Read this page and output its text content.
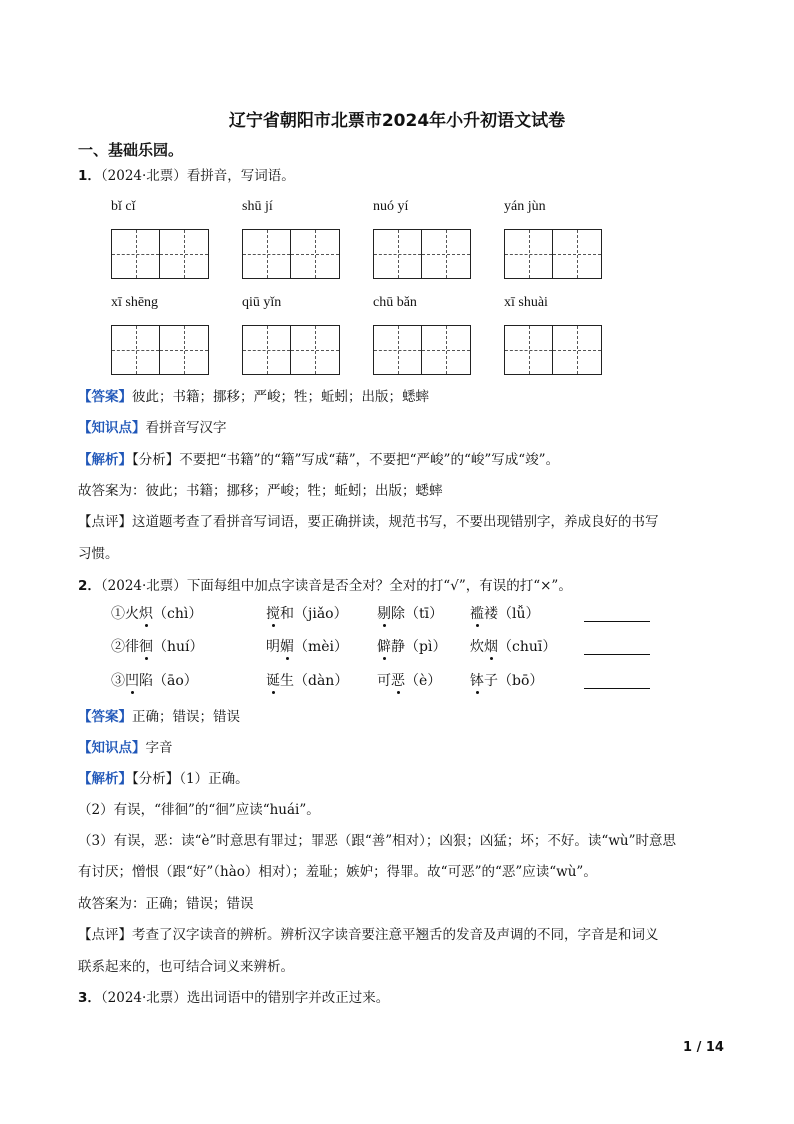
辽宁省朝阳市北票市2024年小升初语文试卷
一、基础乐园。
1．（2024·北票）看拼音，写词语。
bǐ cǐ	shū jí	nuó yí	yán jùn
xī shēng	qiū yǐn	chū bǎn	xī shuài
【答案】彼此；书籍；挪移；严峻；牲；蚯蚓；出版；蟋蟀
【知识点】看拼音写汉字
【解析】【分析】不要把“书籍”的“籍”写成“藉”，不要把“严峻”的“峻”写成“竣”。
故答案为：彼此；书籍；挪移；严峻；牲；蚯蚓；出版；蟋蟀
【点评】这道题考查了看拼音写词语，要正确拼读，规范书写，不要出现错别字，养成良好的书写
习惯。
2．（2024·北票）下面每组中加点字读音是否全对？全对的打“√”，有误的打“×”。
①火炽（chì）	搅和（jiǎo） 剔除（tī） 褴褛（lǚ）
②徘徊（huí）	明媚（mèi） 僻静（pì） 炊烟（chuī）
③凹陷（āo）	诞生（dàn） 可恶（è） 钵子（bō）
【答案】正确；错误；错误
【知识点】字音
【解析】【分析】（1）正确。
（2）有误，“徘徊”的“徊”应读“huái”。
（3）有误，恶：读“è”时意思有罪过；罪恶（跟“善”相对）；凶狠；凶猛；坏；不好。读“wù”时意思
有讨厌；憎恨（跟“好”（hào）相对）；羞耻；嫉妒；得罪。故“可恶”的“恶”应读“wù”。
故答案为：正确；错误；错误
【点评】考查了汉字读音的辨析。辨析汉字读音要注意平翘舌的发音及声调的不同，字音是和词义
联系起来的，也可结合词义来辨析。
3．（2024·北票）选出词语中的错别字并改正过来。
1 / 14
